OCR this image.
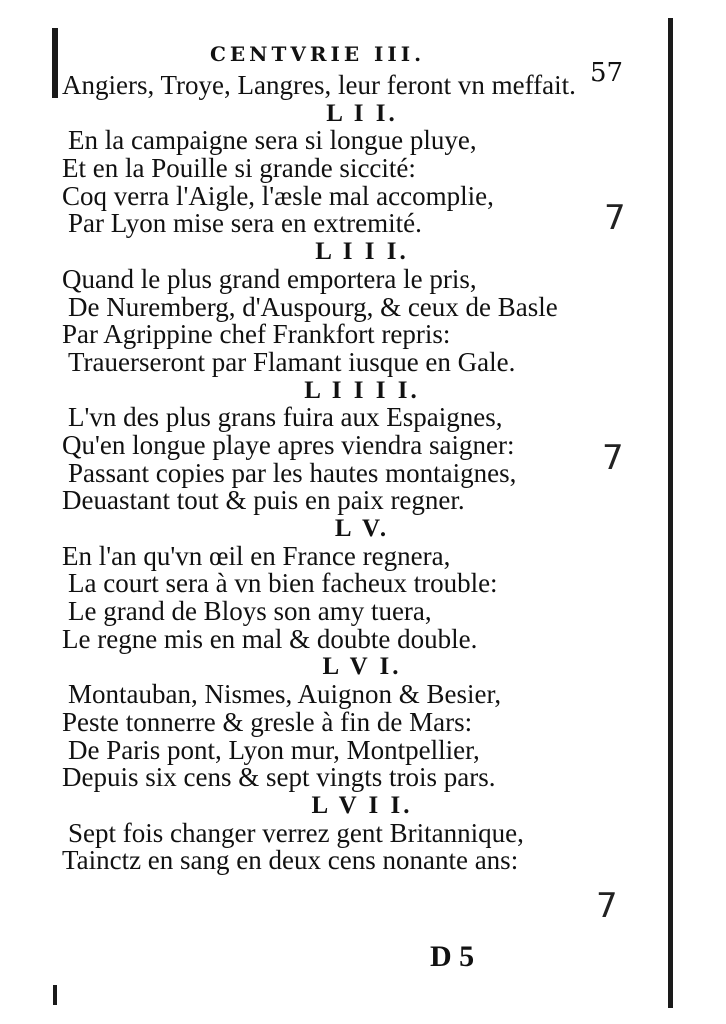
CENTVRIE III.
57
Angiers, Troye, Langres, leur feront vn meffait.
L I I.
En la campaigne sera si longue pluye,
Et en la Pouille si grande siccité:
Coq verra l'Aigle, l'æsle mal accomplie,
Par Lyon mise sera en extremité.
L I I I.
Quand le plus grand emportera le pris,
De Nuremberg, d'Auspourg, & ceux de Basle
Par Agrippine chef Frankfort repris:
Trauerseront par Flamant iusque en Gale.
L I I I I.
L'vn des plus grans fuira aux Espaignes,
Qu'en longue playe apres viendra saigner:
Passant copies par les hautes montaignes,
Deuastant tout & puis en paix regner.
L V.
En l'an qu'vn œil en France regnera,
La court sera à vn bien facheux trouble:
Le grand de Bloys son amy tuera,
Le regne mis en mal & doubte double.
L V I.
Montauban, Nismes, Auignon & Besier,
Peste tonnerre & gresle à fin de Mars:
De Paris pont, Lyon mur, Montpellier,
Depuis six cens & sept vingts trois pars.
L V I I.
Sept fois changer verrez gent Britannique,
Tainctz en sang en deux cens nonante ans:
7
7
7
D 5
